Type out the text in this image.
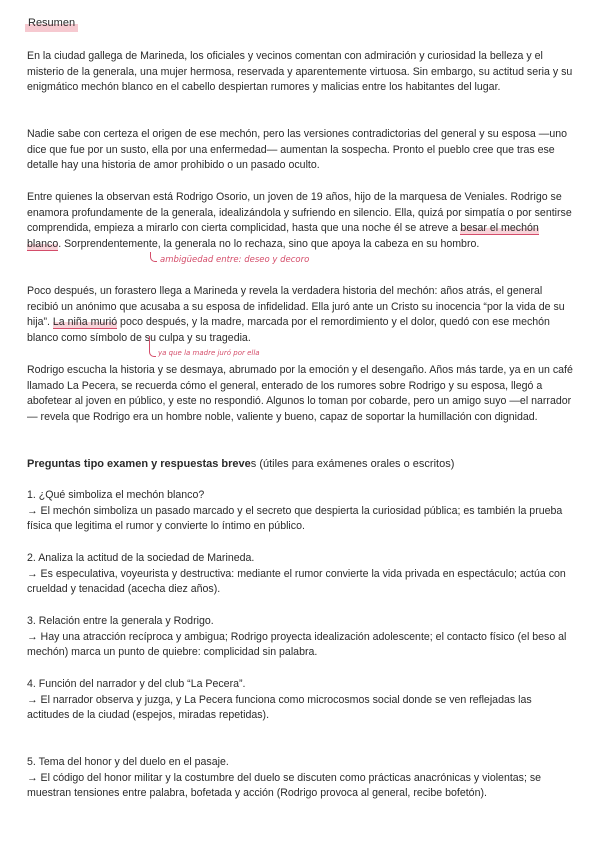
Resumen

En la ciudad gallega de Marineda, los oficiales y vecinos comentan con admiración y curiosidad la belleza y el misterio de la generala, una mujer hermosa, reservada y aparentemente virtuosa. Sin embargo, su actitud seria y su enigmático mechón blanco en el cabello despiertan rumores y malicias entre los habitantes del lugar.

Nadie sabe con certeza el origen de ese mechón, pero las versiones contradictorias del general y su esposa —uno dice que fue por un susto, ella por una enfermedad— aumentan la sospecha. Pronto el pueblo cree que tras ese detalle hay una historia de amor prohibido o un pasado oculto.

Entre quienes la observan está Rodrigo Osorio, un joven de 19 años, hijo de la marquesa de Veniales. Rodrigo se enamora profundamente de la generala, idealizándola y sufriendo en silencio. Ella, quizá por simpatía o por sentirse comprendida, empieza a mirarlo con cierta complicidad, hasta que una noche él se atreve a besar el mechón blanco. Sorprendentemente, la generala no lo rechaza, sino que apoya la cabeza en su hombro.

ambigüedad entre: deseo y decoro

Poco después, un forastero llega a Marineda y revela la verdadera historia del mechón: años atrás, el general recibió un anónimo que acusaba a su esposa de infidelidad. Ella juró ante un Cristo su inocencia “por la vida de su hija”. La niña murió poco después, y la madre, marcada por el remordimiento y el dolor, quedó con ese mechón blanco como símbolo de su culpa y su tragedia.

ya que la madre juró por ella

Rodrigo escucha la historia y se desmaya, abrumado por la emoción y el desengaño. Años más tarde, ya en un café llamado La Pecera, se recuerda cómo el general, enterado de los rumores sobre Rodrigo y su esposa, llegó a abofetear al joven en público, y este no respondió. Algunos lo toman por cobarde, pero un amigo suyo —el narrador— revela que Rodrigo era un hombre noble, valiente y bueno, capaz de soportar la humillación con dignidad.

Preguntas tipo examen y respuestas breves (útiles para exámenes orales o escritos)

1. ¿Qué simboliza el mechón blanco?
→ El mechón simboliza un pasado marcado y el secreto que despierta la curiosidad pública; es también la prueba física que legitima el rumor y convierte lo íntimo en público.
2. Analiza la actitud de la sociedad de Marineda.
→ Es especulativa, voyeurista y destructiva: mediante el rumor convierte la vida privada en espectáculo; actúa con crueldad y tenacidad (acecha diez años).
3. Relación entre la generala y Rodrigo.
→ Hay una atracción recíproca y ambigua; Rodrigo proyecta idealización adolescente; el contacto físico (el beso al mechón) marca un punto de quiebre: complicidad sin palabra.
4. Función del narrador y del club “La Pecera”.
→ El narrador observa y juzga, y La Pecera funciona como microcosmos social donde se ven reflejadas las actitudes de la ciudad (espejos, miradas repetidas).
5. Tema del honor y del duelo en el pasaje.
→ El código del honor militar y la costumbre del duelo se discuten como prácticas anacrónicas y violentas; se muestran tensiones entre palabra, bofetada y acción (Rodrigo provoca al general, recibe bofetón).
